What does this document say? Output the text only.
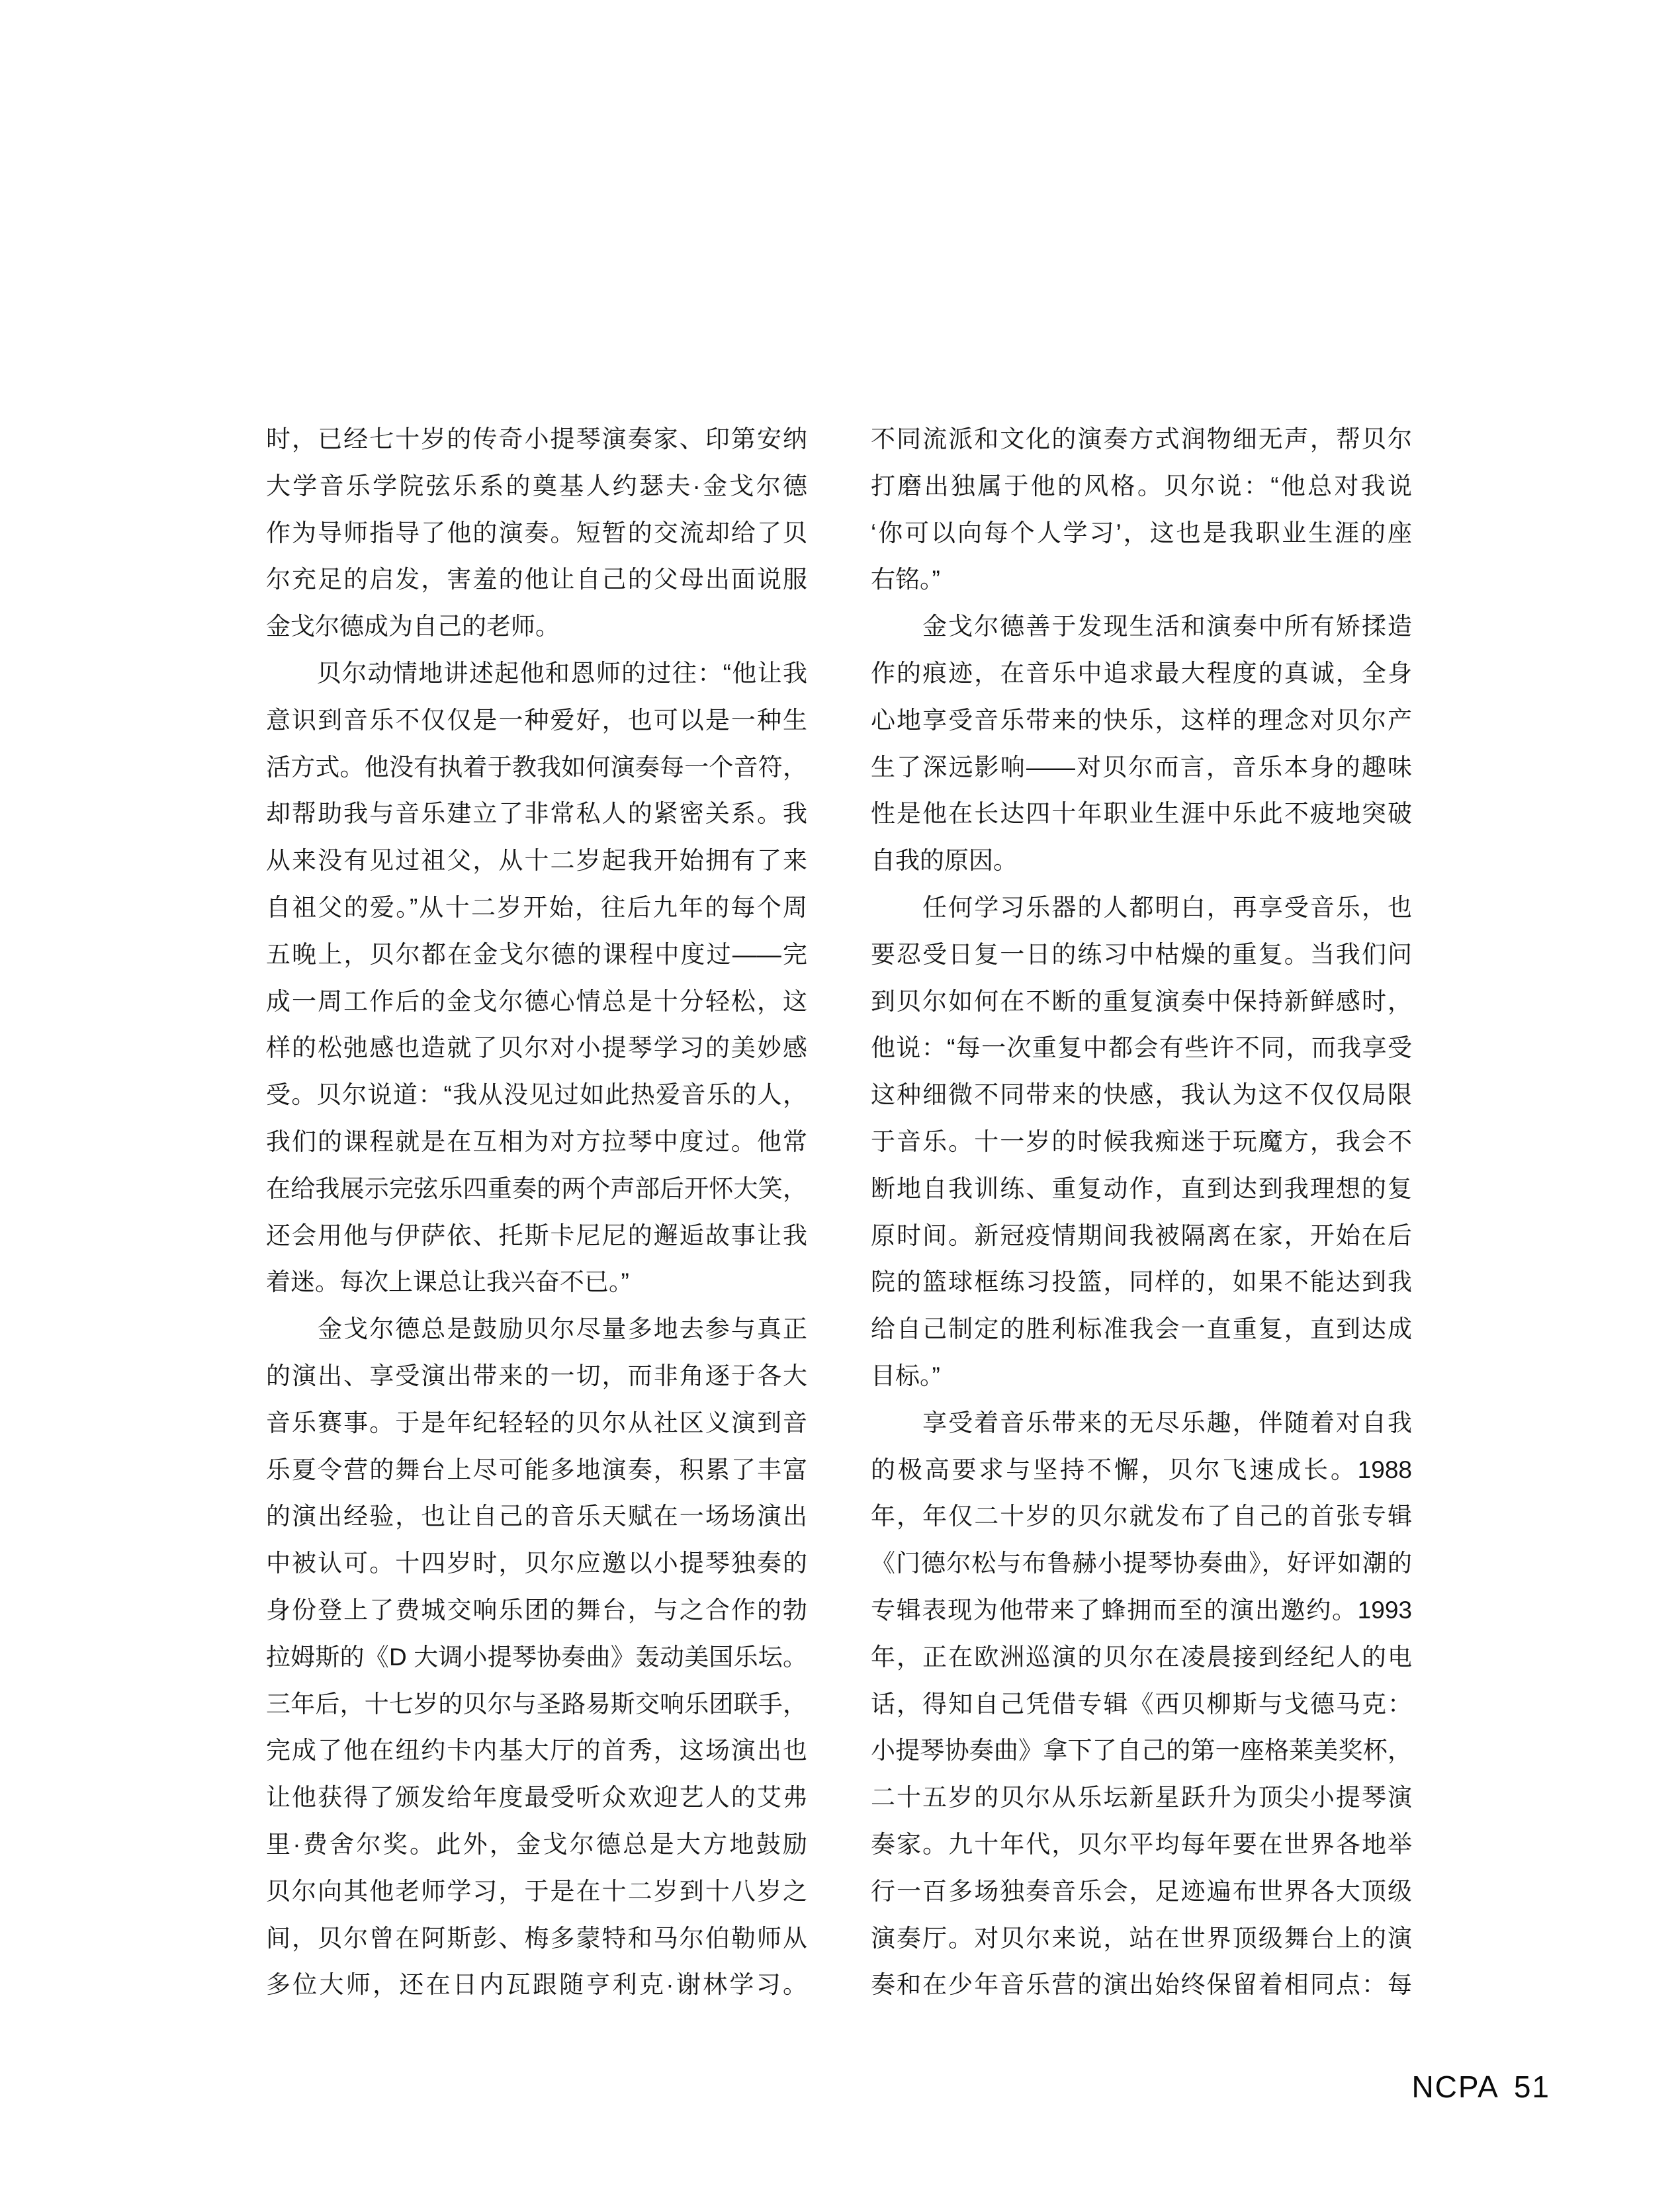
时，已经七十岁的传奇小提琴演奏家、印第安纳
大学音乐学院弦乐系的奠基人约瑟夫·金戈尔德
作为导师指导了他的演奏。短暂的交流却给了贝
尔充足的启发，害羞的他让自己的父母出面说服
金戈尔德成为自己的老师。
　　贝尔动情地讲述起他和恩师的过往：“他让我
意识到音乐不仅仅是一种爱好，也可以是一种生
活方式。他没有执着于教我如何演奏每一个音符，
却帮助我与音乐建立了非常私人的紧密关系。我
从来没有见过祖父，从十二岁起我开始拥有了来
自祖父的爱。”从十二岁开始，往后九年的每个周
五晚上，贝尔都在金戈尔德的课程中度过——完
成一周工作后的金戈尔德心情总是十分轻松，这
样的松弛感也造就了贝尔对小提琴学习的美妙感
受。贝尔说道：“我从没见过如此热爱音乐的人，
我们的课程就是在互相为对方拉琴中度过。他常
在给我展示完弦乐四重奏的两个声部后开怀大笑，
还会用他与伊萨依、托斯卡尼尼的邂逅故事让我
着迷。每次上课总让我兴奋不已。”
　　金戈尔德总是鼓励贝尔尽量多地去参与真正
的演出、享受演出带来的一切，而非角逐于各大
音乐赛事。于是年纪轻轻的贝尔从社区义演到音
乐夏令营的舞台上尽可能多地演奏，积累了丰富
的演出经验，也让自己的音乐天赋在一场场演出
中被认可。十四岁时，贝尔应邀以小提琴独奏的
身份登上了费城交响乐团的舞台，与之合作的勃
拉姆斯的《D 大调小提琴协奏曲》轰动美国乐坛。
三年后，十七岁的贝尔与圣路易斯交响乐团联手，
完成了他在纽约卡内基大厅的首秀，这场演出也
让他获得了颁发给年度最受听众欢迎艺人的艾弗
里·费舍尔奖。此外，金戈尔德总是大方地鼓励
贝尔向其他老师学习，于是在十二岁到十八岁之
间，贝尔曾在阿斯彭、梅多蒙特和马尔伯勒师从
多位大师，还在日内瓦跟随亨利克·谢林学习。
不同流派和文化的演奏方式润物细无声，帮贝尔
打磨出独属于他的风格。贝尔说：“他总对我说
‘你可以向每个人学习’，这也是我职业生涯的座
右铭。”
　　金戈尔德善于发现生活和演奏中所有矫揉造
作的痕迹，在音乐中追求最大程度的真诚，全身
心地享受音乐带来的快乐，这样的理念对贝尔产
生了深远影响——对贝尔而言，音乐本身的趣味
性是他在长达四十年职业生涯中乐此不疲地突破
自我的原因。
　　任何学习乐器的人都明白，再享受音乐，也
要忍受日复一日的练习中枯燥的重复。当我们问
到贝尔如何在不断的重复演奏中保持新鲜感时，
他说：“每一次重复中都会有些许不同，而我享受
这种细微不同带来的快感，我认为这不仅仅局限
于音乐。十一岁的时候我痴迷于玩魔方，我会不
断地自我训练、重复动作，直到达到我理想的复
原时间。新冠疫情期间我被隔离在家，开始在后
院的篮球框练习投篮，同样的，如果不能达到我
给自己制定的胜利标准我会一直重复，直到达成
目标。”
　　享受着音乐带来的无尽乐趣，伴随着对自我
的极高要求与坚持不懈，贝尔飞速成长。1988
年，年仅二十岁的贝尔就发布了自己的首张专辑
《门德尔松与布鲁赫小提琴协奏曲》，好评如潮的
专辑表现为他带来了蜂拥而至的演出邀约。1993
年，正在欧洲巡演的贝尔在凌晨接到经纪人的电
话，得知自己凭借专辑《西贝柳斯与戈德马克：
小提琴协奏曲》拿下了自己的第一座格莱美奖杯，
二十五岁的贝尔从乐坛新星跃升为顶尖小提琴演
奏家。九十年代，贝尔平均每年要在世界各地举
行一百多场独奏音乐会，足迹遍布世界各大顶级
演奏厅。对贝尔来说，站在世界顶级舞台上的演
奏和在少年音乐营的演出始终保留着相同点：每
NCPA 51
